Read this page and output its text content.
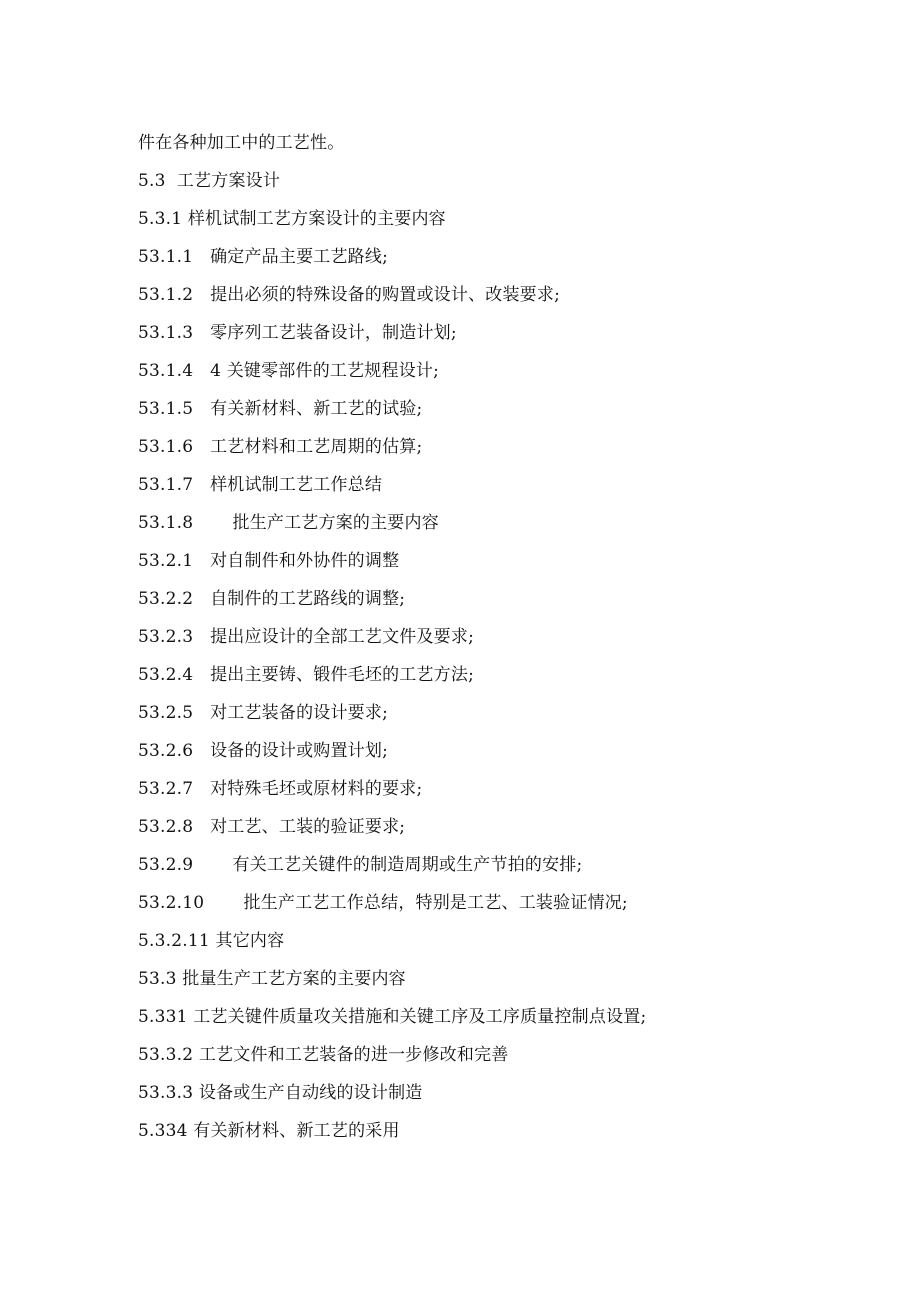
件在各种加工中的工艺性。
5.3  工艺方案设计
5.3.1 样机试制工艺方案设计的主要内容
53.1.1   确定产品主要工艺路线;
53.1.2   提出必须的特殊设备的购置或设计、改装要求;
53.1.3   零序列工艺装备设计，制造计划;
53.1.4   4 关键零部件的工艺规程设计;
53.1.5   有关新材料、新工艺的试验;
53.1.6   工艺材料和工艺周期的估算;
53.1.7   样机试制工艺工作总结
53.1.8       批生产工艺方案的主要内容
53.2.1   对自制件和外协件的调整
53.2.2   自制件的工艺路线的调整;
53.2.3   提出应设计的全部工艺文件及要求;
53.2.4   提出主要铸、锻件毛坯的工艺方法;
53.2.5   对工艺装备的设计要求;
53.2.6   设备的设计或购置计划;
53.2.7   对特殊毛坯或原材料的要求;
53.2.8   对工艺、工装的验证要求;
53.2.9       有关工艺关键件的制造周期或生产节拍的安排;
53.2.10       批生产工艺工作总结，特别是工艺、工装验证情况;
5.3.2.11 其它内容
53.3 批量生产工艺方案的主要内容
5.331 工艺关键件质量攻关措施和关键工序及工序质量控制点设置;
53.3.2 工艺文件和工艺装备的进一步修改和完善
53.3.3 设备或生产自动线的设计制造
5.334 有关新材料、新工艺的采用
